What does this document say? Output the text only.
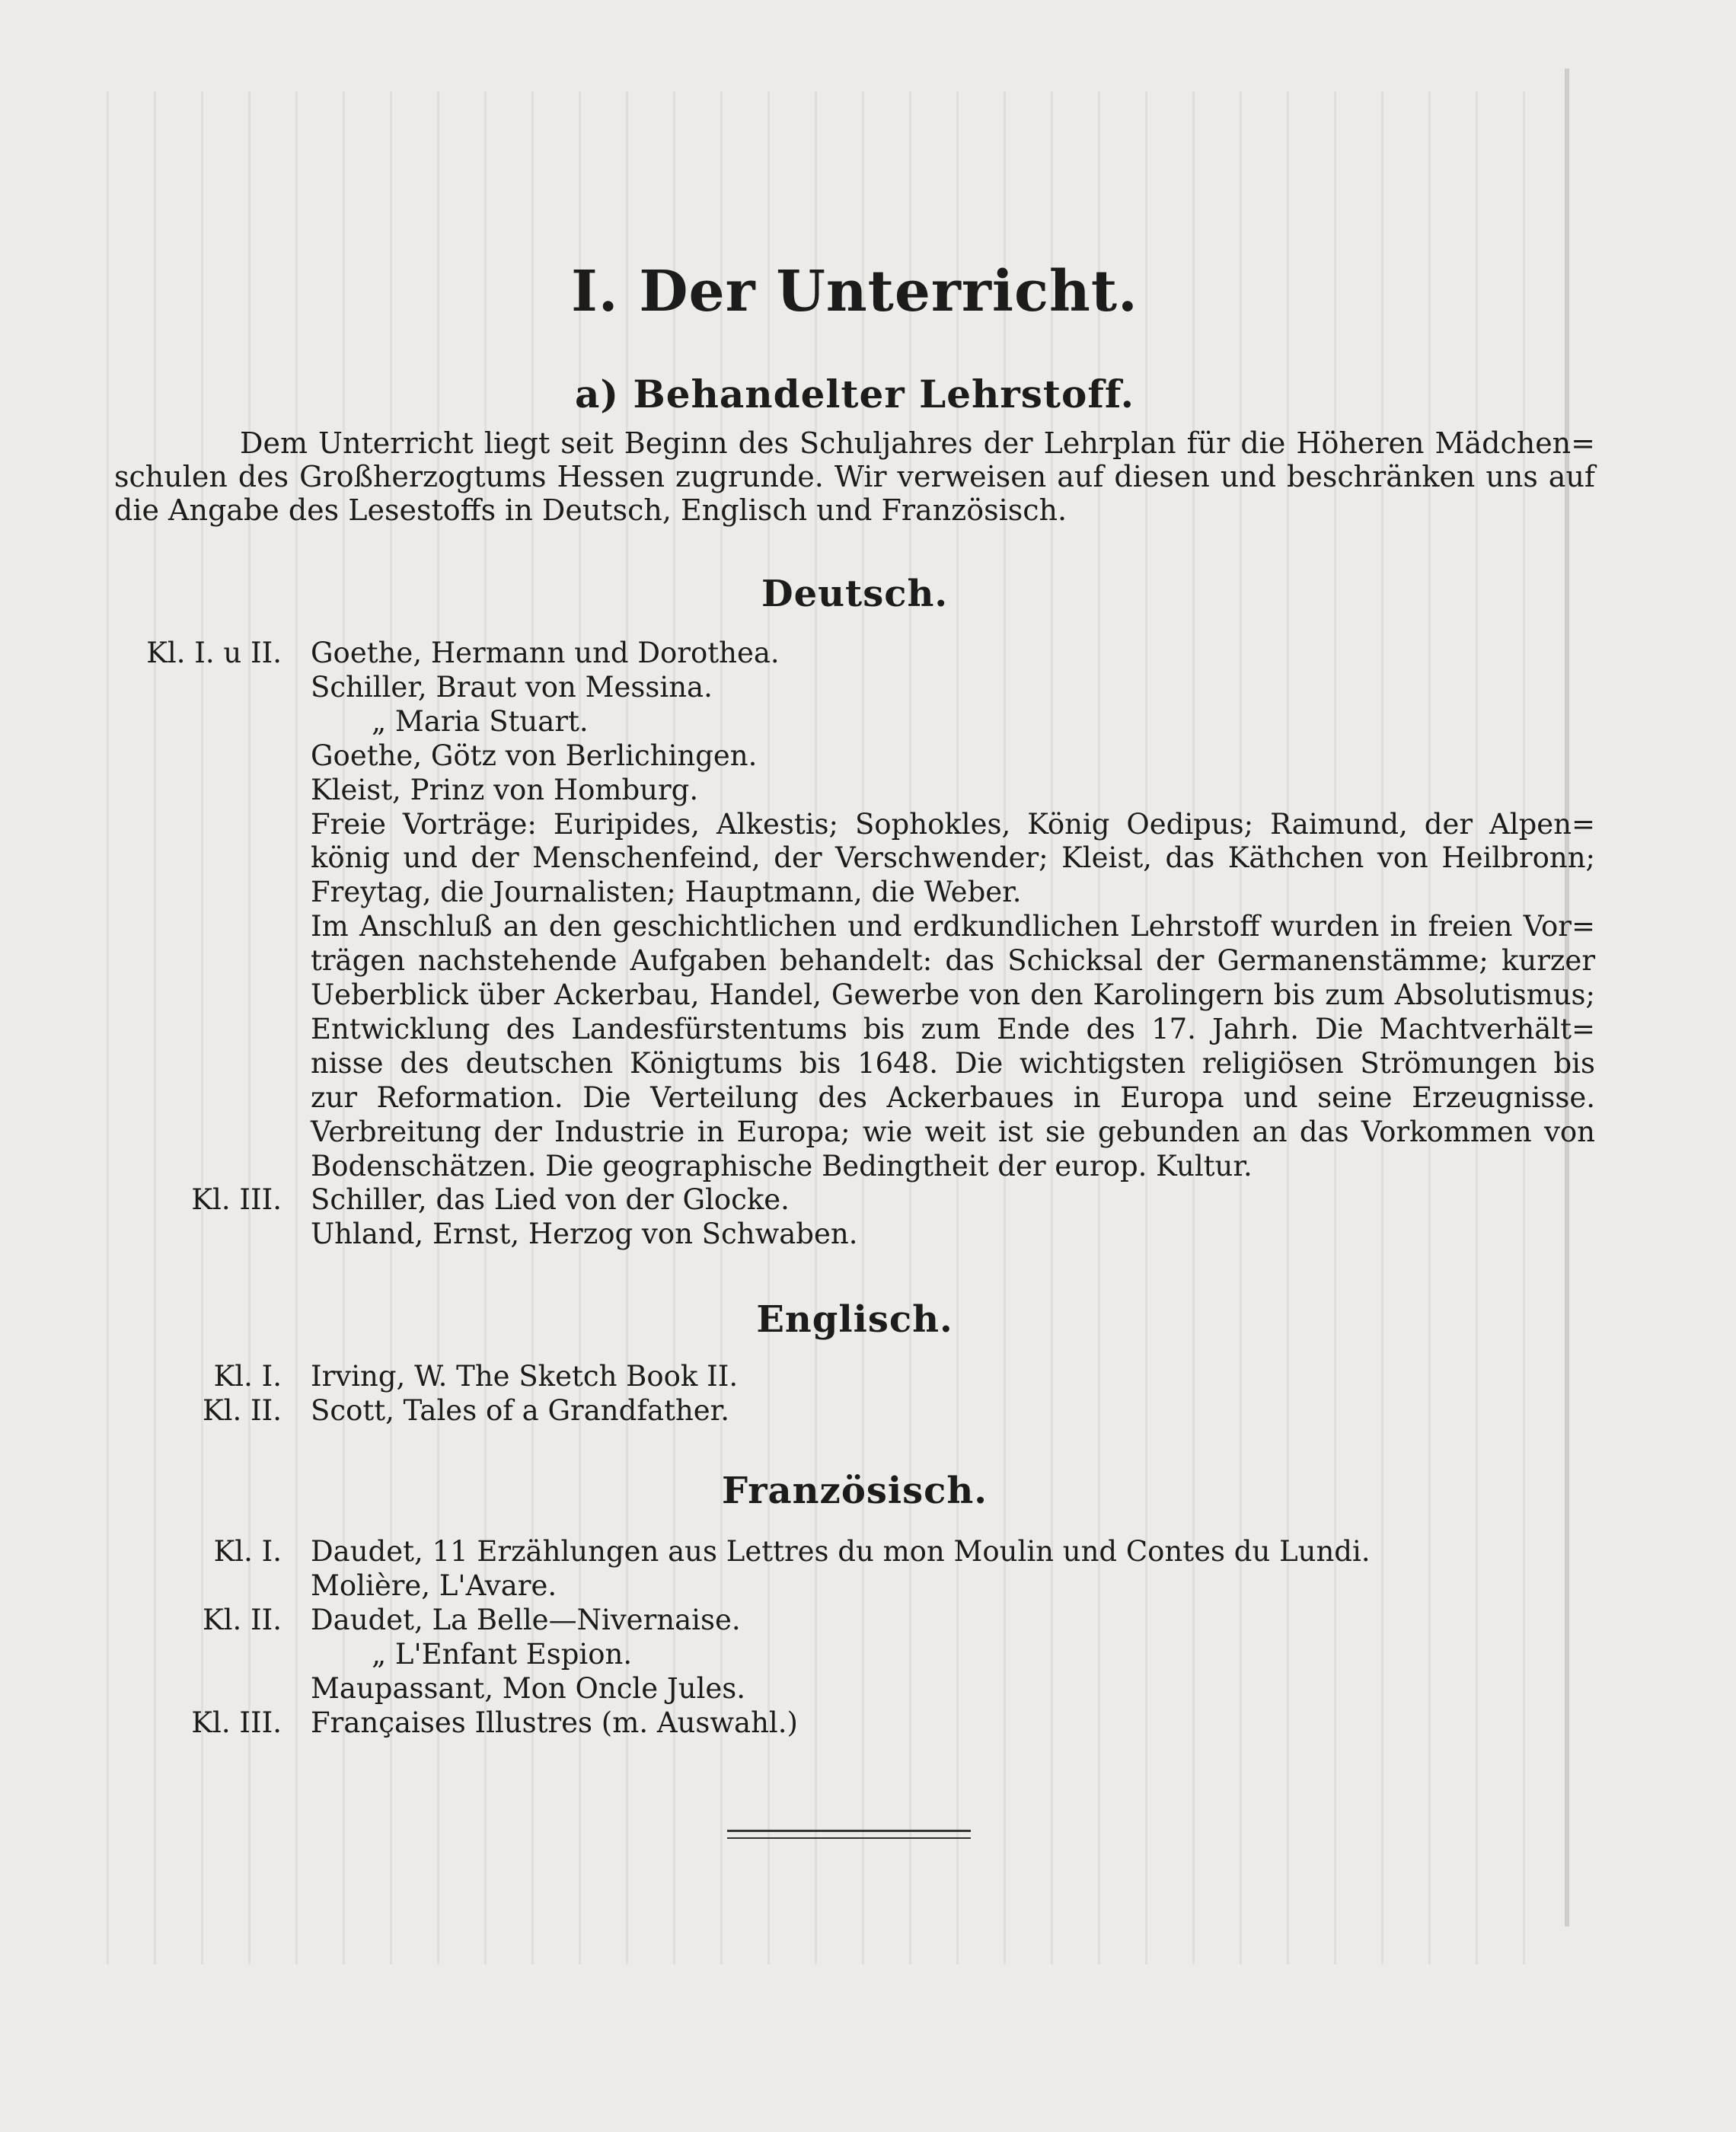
I. Der Unterricht.
a) Behandelter Lehrstoff.

Dem Unterricht liegt seit Beginn des Schuljahres der Lehrplan für die Höheren Mädchen= schulen des Großherzogtums Hessen zugrunde. Wir verweisen auf diesen und beschränken uns auf die Angabe des Lesestoffs in Deutsch, Englisch und Französisch.

Deutsch.
Kl. I. u II. Goethe, Hermann und Dorothea.
Schiller, Braut von Messina.
„ Maria Stuart.
Goethe, Götz von Berlichingen.
Kleist, Prinz von Homburg.
Freie Vorträge: Euripides, Alkestis; Sophokles, König Oedipus; Raimund, der Alpen=
könig und der Menschenfeind, der Verschwender; Kleist, das Käthchen von Heilbronn;
Freytag, die Journalisten; Hauptmann, die Weber.
Im Anschluß an den geschichtlichen und erdkundlichen Lehrstoff wurden in freien Vor=
trägen nachstehende Aufgaben behandelt: das Schicksal der Germanenstämme; kurzer
Ueberblick über Ackerbau, Handel, Gewerbe von den Karolingern bis zum Absolutismus;
Entwicklung des Landesfürstentums bis zum Ende des 17. Jahrh. Die Machtverhält=
nisse des deutschen Königtums bis 1648. Die wichtigsten religiösen Strömungen bis
zur Reformation. Die Verteilung des Ackerbaues in Europa und seine Erzeugnisse.
Verbreitung der Industrie in Europa; wie weit ist sie gebunden an das Vorkommen von
Bodenschätzen. Die geographische Bedingtheit der europ. Kultur.
Kl. III. Schiller, das Lied von der Glocke.
Uhland, Ernst, Herzog von Schwaben.
Englisch.
Kl. I. Irving, W. The Sketch Book II.
Kl. II. Scott, Tales of a Grandfather.
Französisch.
Kl. I. Daudet, 11 Erzählungen aus Lettres du mon Moulin und Contes du Lundi.
Molière, L'Avare.
Kl. II. Daudet, La Belle—Nivernaise.
„ L'Enfant Espion.
Maupassant, Mon Oncle Jules.
Kl. III. Françaises Illustres (m. Auswahl.)
